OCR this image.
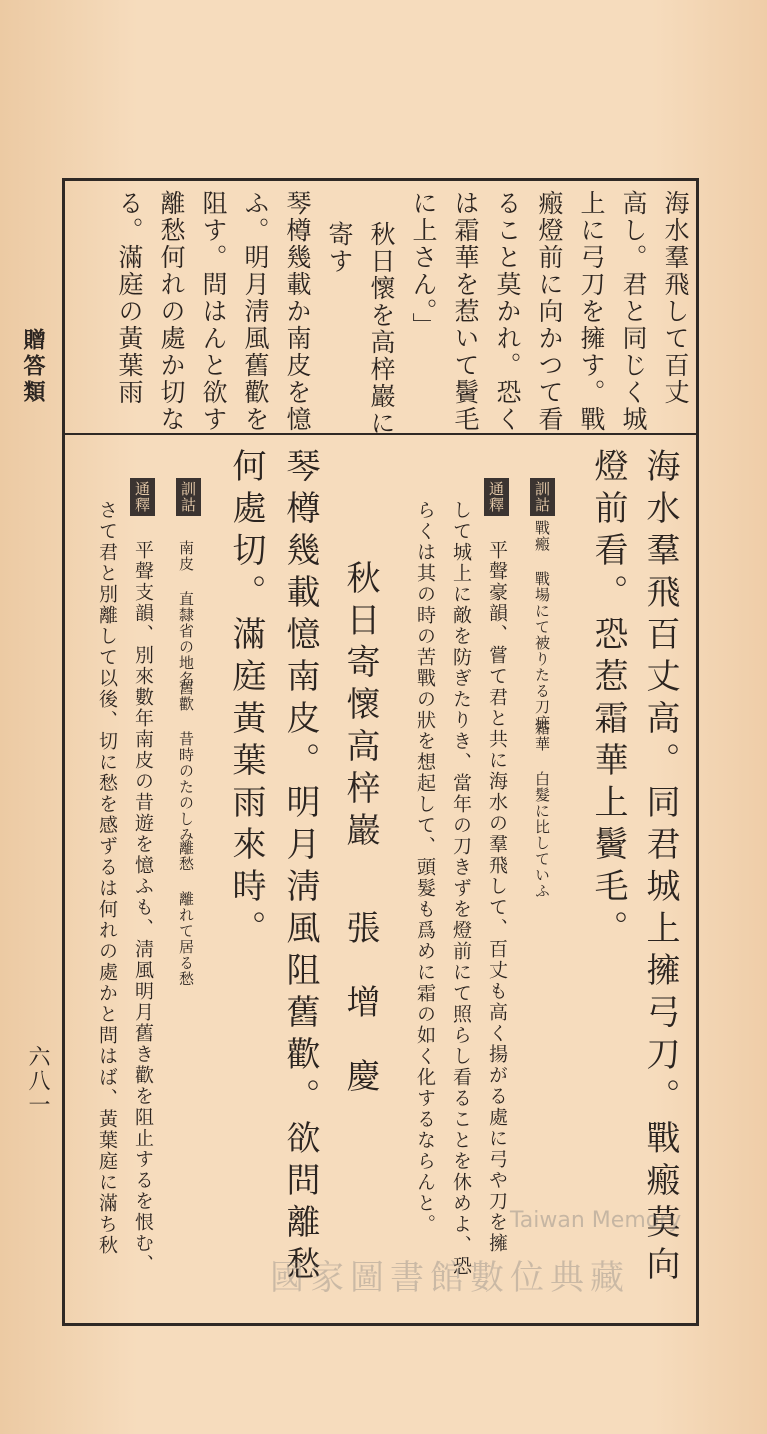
贈答類
六八一
海水羣飛して百丈
高し。君と同じく城
上に弓刀を擁す。戰
瘢燈前に向かつて看
ること莫かれ。恐く
は霜華を惹いて鬢毛
に上さん。」
秋日懷を高梓巖に
寄す
琴樽幾載か南皮を憶
ふ。明月淸風舊歡を
阻す。問はんと欲す
離愁何れの處か切な
る。滿庭の黃葉雨
海水羣飛百丈高。同君城上擁弓刀。戰瘢莫向
燈前看。恐惹霜華上鬢毛。
訓詁
戰瘢 戰場にて被りたる刀疵
霜華 白髮に比していふ
通釋
平聲豪韻、嘗て君と共に海水の羣飛して、百丈も高く揚がる處に弓や刀を擁
して城上に敵を防ぎたりき、當年の刀きずを燈前にて照らし看ることを休めよ、恐
らくは其の時の苦戰の狀を想起して、頭髮も爲めに霜の如く化するならんと。
秋日寄懷高梓巖
張增慶
琴樽幾載憶南皮。明月淸風阻舊歡。欲問離愁
何處切。滿庭黃葉雨來時。
訓詁
南皮 直隸省の地名
舊歡 昔時のたのしみ
離愁 離れて居る愁
通釋
平聲支韻、別來數年南皮の昔遊を憶ふも、淸風明月舊き歡を阻止するを恨む、
さて君と別離して以後、切に愁を感ずるは何れの處かと問はば、黃葉庭に滿ち秋	Taiwan Memory
國家圖書館數位典藏
